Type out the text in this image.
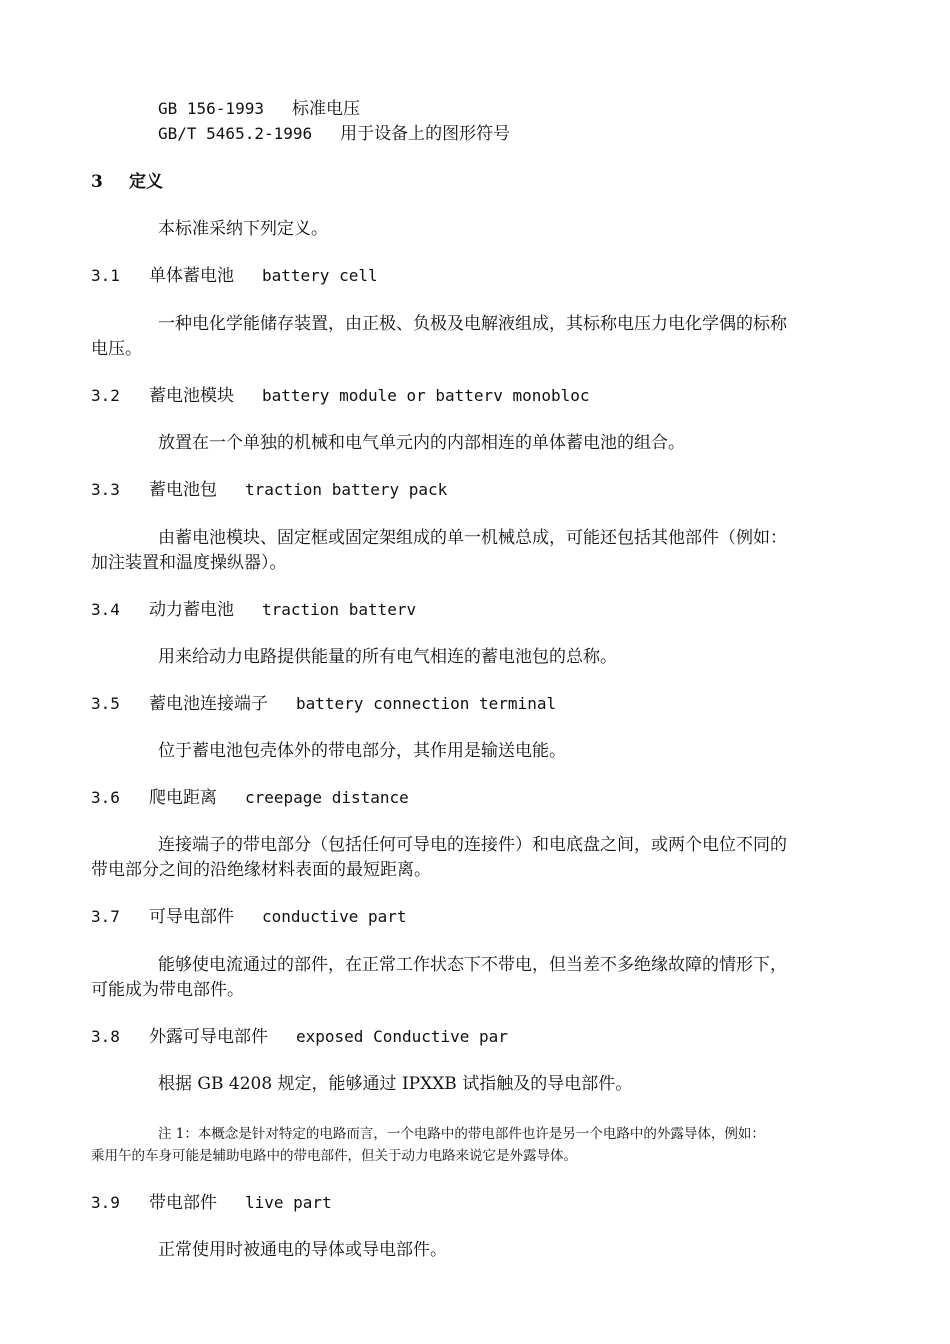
GB 156-1993 标准电压
GB/T 5465.2-1996 用于设备上的图形符号
3 定义
本标准采纳下列定义。
3.1 单体蓄电池 battery cell
一种电化学能储存装置，由正极、负极及电解液组成，其标称电压力电化学偶的标称
电压。
3.2 蓄电池模块 battery module or batterv monobloc
放置在一个单独的机械和电气单元内的内部相连的单体蓄电池的组合。
3.3 蓄电池包 traction battery pack
由蓄电池模块、固定框或固定架组成的单一机械总成，可能还包括其他部件（例如：
加注装置和温度操纵器）。
3.4 动力蓄电池 traction batterv
用来给动力电路提供能量的所有电气相连的蓄电池包的总称。
3.5 蓄电池连接端子 battery connection terminal
位于蓄电池包壳体外的带电部分，其作用是输送电能。
3.6 爬电距离 creepage distance
连接端子的带电部分（包括任何可导电的连接件）和电底盘之间，或两个电位不同的
带电部分之间的沿绝缘材料表面的最短距离。
3.7 可导电部件 conductive part
能够使电流通过的部件，在正常工作状态下不带电，但当差不多绝缘故障的情形下，
可能成为带电部件。
3.8 外露可导电部件 exposed Conductive par
根据 GB 4208 规定，能够通过 IPXXB 试指触及的导电部件。
注 1：本概念是针对特定的电路而言，一个电路中的带电部件也许是另一个电路中的外露导体，例如：
乘用午的车身可能是辅助电路中的带电部件，但关于动力电路来说它是外露导体。
3.9 带电部件 live part
正常使用时被通电的导体或导电部件。
